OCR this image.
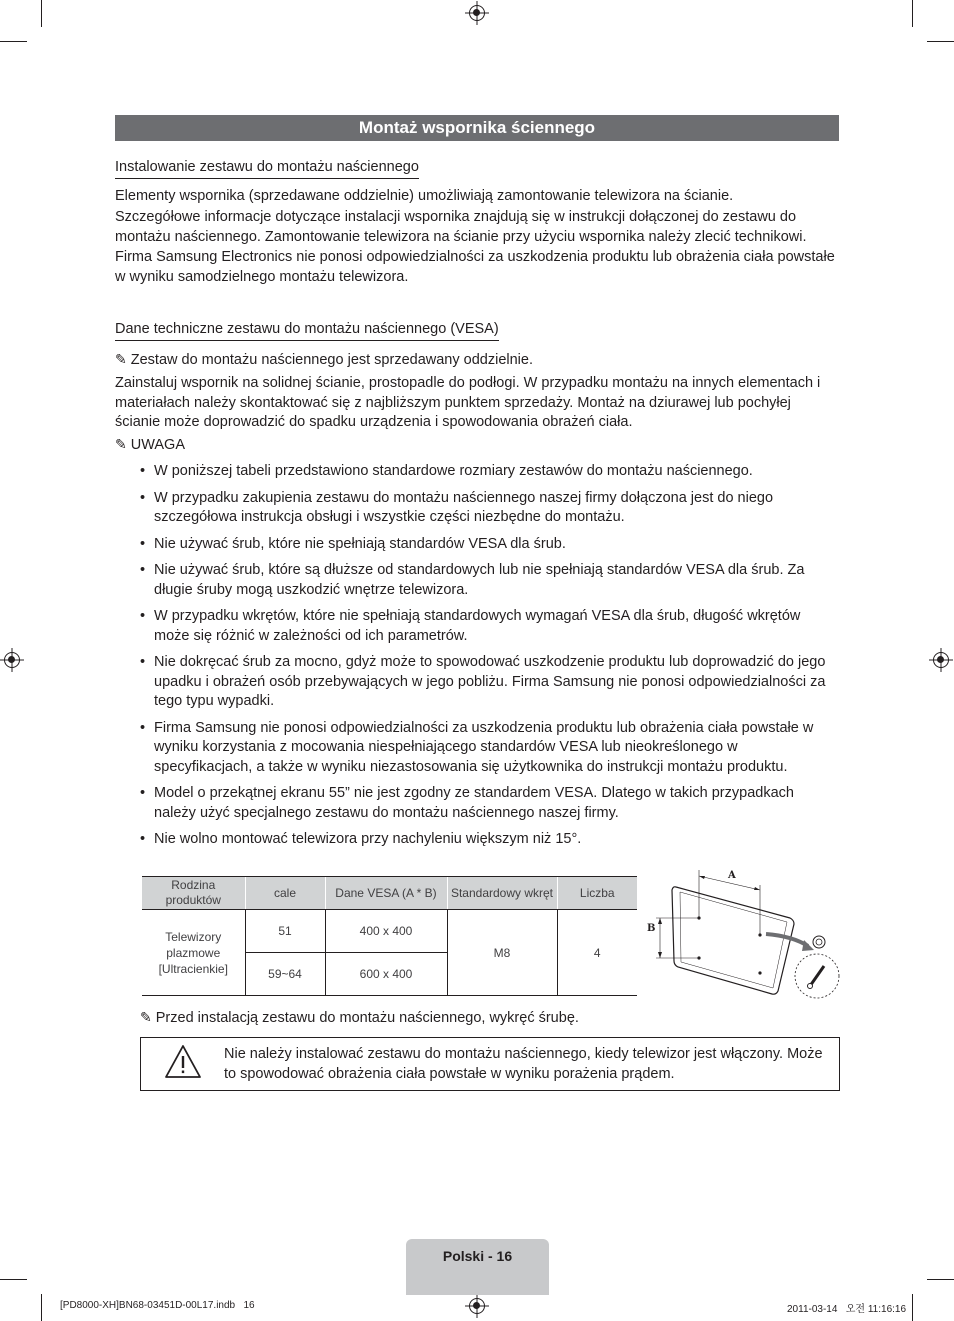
Montaż wspornika ściennego
Instalowanie zestawu do montażu naściennego
Elementy wspornika (sprzedawane oddzielnie) umożliwiają zamontowanie telewizora na ścianie.
Szczegółowe informacje dotyczące instalacji wspornika znajdują się w instrukcji dołączonej do zestawu do montażu naściennego. Zamontowanie telewizora na ścianie przy użyciu wspornika należy zlecić technikowi.
Firma Samsung Electronics nie ponosi odpowiedzialności za uszkodzenia produktu lub obrażenia ciała powstałe w wyniku samodzielnego montażu telewizora.
Dane techniczne zestawu do montażu naściennego (VESA)
✎ Zestaw do montażu naściennego jest sprzedawany oddzielnie.
Zainstaluj wspornik na solidnej ścianie, prostopadle do podłogi. W przypadku montażu na innych elementach i materiałach należy skontaktować się z najbliższym punktem sprzedaży. Montaż na dziurawej lub pochyłej ścianie może doprowadzić do spadku urządzenia i spowodowania obrażeń ciała.
✎ UWAGA
• W poniższej tabeli przedstawiono standardowe rozmiary zestawów do montażu naściennego.
• W przypadku zakupienia zestawu do montażu naściennego naszej firmy dołączona jest do niego szczegółowa instrukcja obsługi i wszystkie części niezbędne do montażu.
• Nie używać śrub, które nie spełniają standardów VESA dla śrub.
• Nie używać śrub, które są dłuższe od standardowych lub nie spełniają standardów VESA dla śrub. Za długie śruby mogą uszkodzić wnętrze telewizora.
• W przypadku wkrętów, które nie spełniają standardowych wymagań VESA dla śrub, długość wkrętów może się różnić w zależności od ich parametrów.
• Nie dokręcać śrub za mocno, gdyż może to spowodować uszkodzenie produktu lub doprowadzić do jego upadku i obrażeń osób przebywających w jego pobliżu. Firma Samsung nie ponosi odpowiedzialności za tego typu wypadki.
• Firma Samsung nie ponosi odpowiedzialności za uszkodzenia produktu lub obrażenia ciała powstałe w wyniku korzystania z mocowania niespełniającego standardów VESA lub nieokreślonego w specyfikacjach, a także w wyniku niezastosowania się użytkownika do instrukcji montażu produktu.
• Model o przekątnej ekranu 55” nie jest zgodny ze standardem VESA. Dlatego w takich przypadkach należy użyć specjalnego zestawu do montażu naściennego naszej firmy.
• Nie wolno montować telewizora przy nachyleniu większym niż 15°.
Rodzina produktów	cale	Dane VESA (A * B)	Standardowy wkręt	Liczba
Telewizory plazmowe [Ultracienkie]	51	400 x 400	M8	4
	59~64	600 x 400		
A
B
✎ Przed instalacją zestawu do montażu naściennego, wykręć śrubę.
Nie należy instalować zestawu do montażu naściennego, kiedy telewizor jest włączony. Może to spowodować obrażenia ciała powstałe w wyniku porażenia prądem.
Polski - 16
[PD8000-XH]BN68-03451D-00L17.indb   16	2011-03-14   오전 11:16:16
